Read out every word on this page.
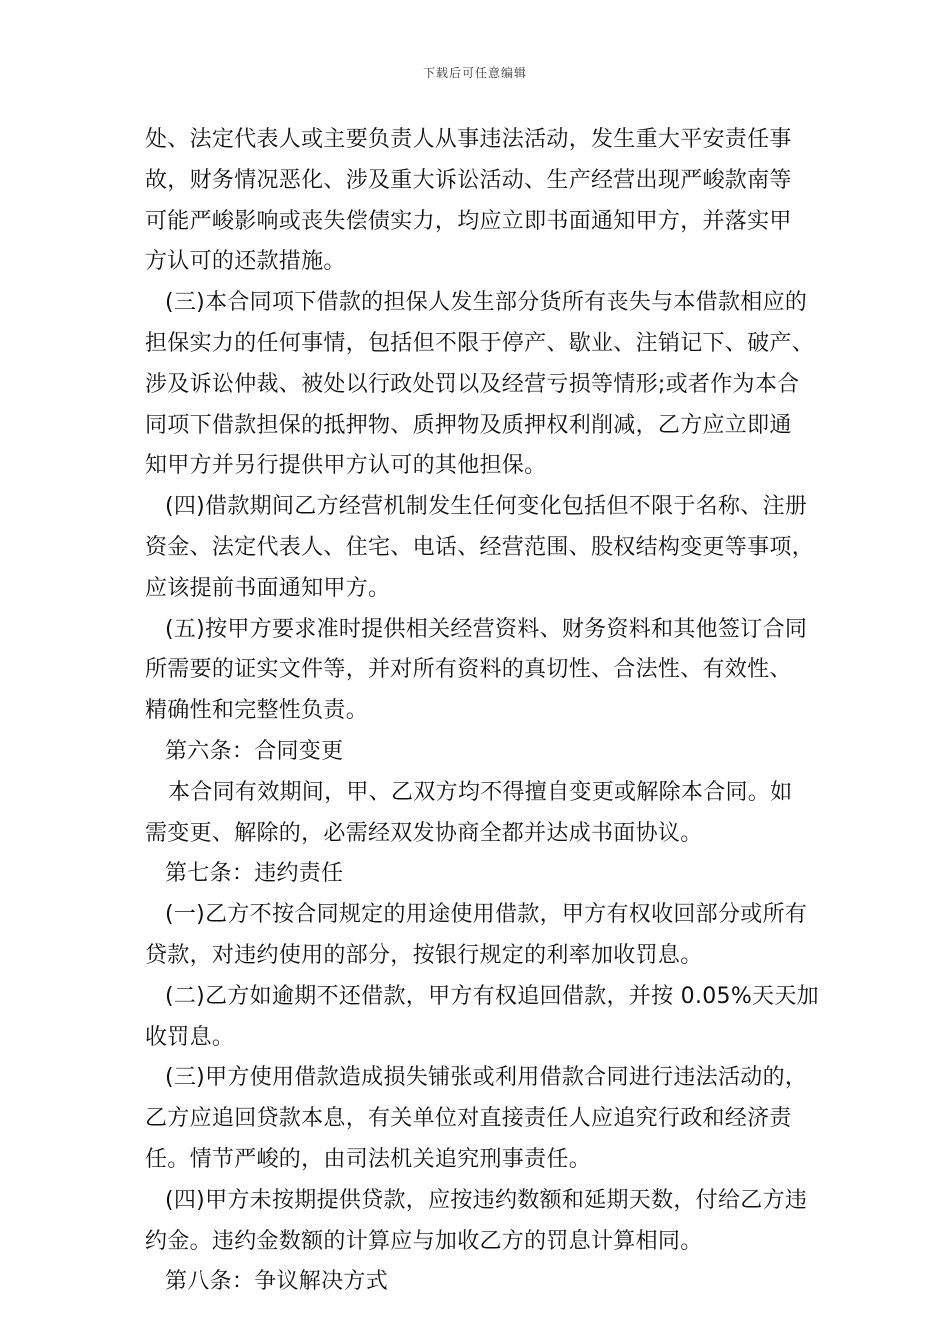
下载后可任意编辑
处、法定代表人或主要负责人从事违法活动，发生重大平安责任事
故，财务情况恶化、涉及重大诉讼活动、生产经营出现严峻款南等
可能严峻影响或丧失偿债实力，均应立即书面通知甲方，并落实甲
方认可的还款措施。
(三)本合同项下借款的担保人发生部分货所有丧失与本借款相应的
担保实力的任何事情，包括但不限于停产、歇业、注销记下、破产、
涉及诉讼仲裁、被处以行政处罚以及经营亏损等情形;或者作为本合
同项下借款担保的抵押物、质押物及质押权利削减，乙方应立即通
知甲方并另行提供甲方认可的其他担保。
(四)借款期间乙方经营机制发生任何变化包括但不限于名称、注册
资金、法定代表人、住宅、电话、经营范围、股权结构变更等事项，
应该提前书面通知甲方。
(五)按甲方要求准时提供相关经营资料、财务资料和其他签订合同
所需要的证实文件等，并对所有资料的真切性、合法性、有效性、
精确性和完整性负责。
第六条：合同变更
本合同有效期间，甲、乙双方均不得擅自变更或解除本合同。如
需变更、解除的，必需经双发协商全都并达成书面协议。
第七条：违约责任
(一)乙方不按合同规定的用途使用借款，甲方有权收回部分或所有
贷款，对违约使用的部分，按银行规定的利率加收罚息。
(二)乙方如逾期不还借款，甲方有权追回借款，并按 0.05%天天加
收罚息。
(三)甲方使用借款造成损失铺张或利用借款合同进行违法活动的，
乙方应追回贷款本息，有关单位对直接责任人应追究行政和经济责
任。情节严峻的，由司法机关追究刑事责任。
(四)甲方未按期提供贷款，应按违约数额和延期天数，付给乙方违
约金。违约金数额的计算应与加收乙方的罚息计算相同。
第八条：争议解决方式
